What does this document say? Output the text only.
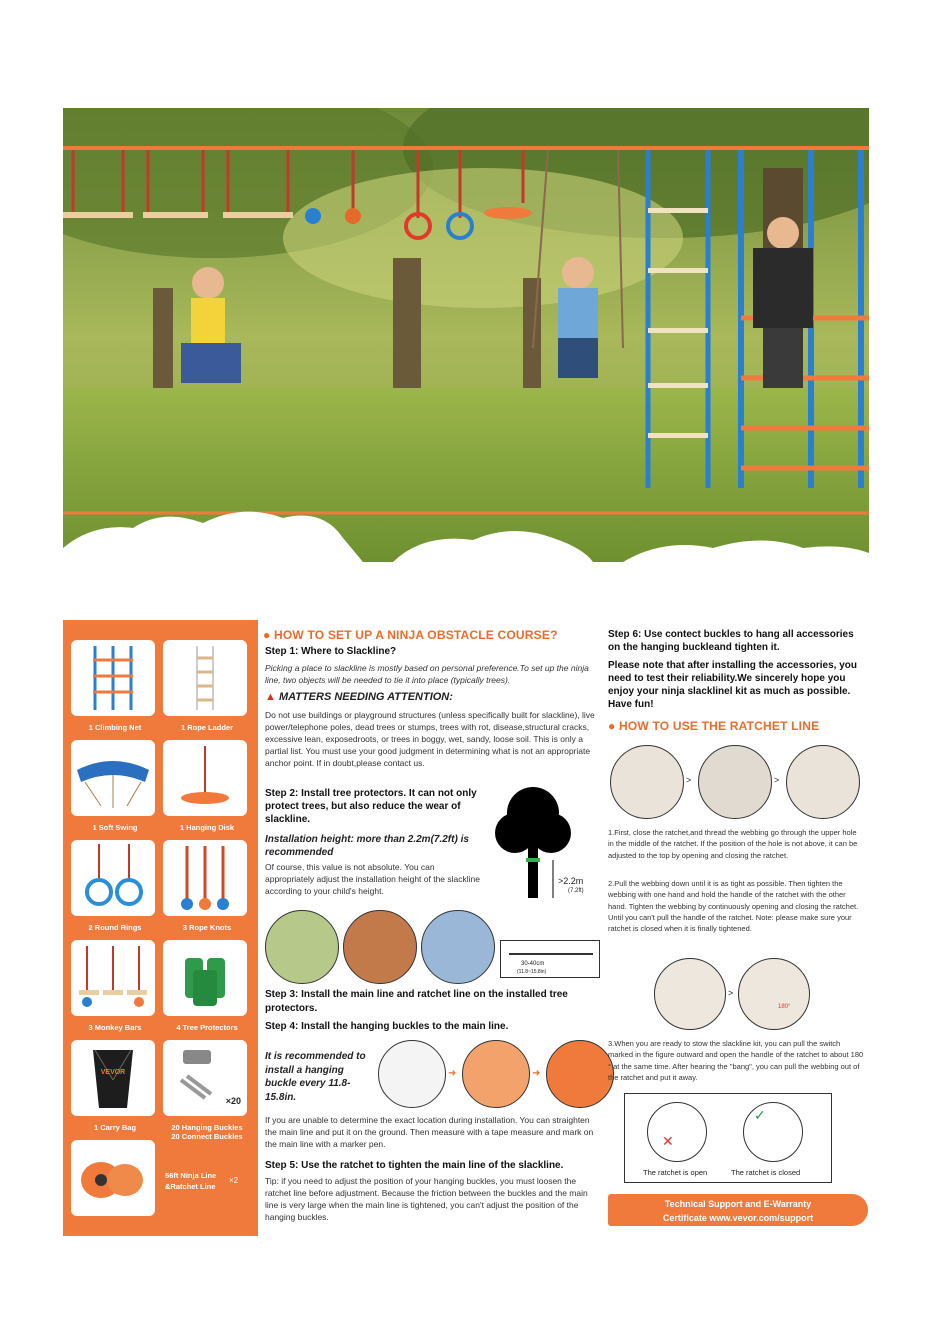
1 Climbing Net	1 Rope Ladder
1 Soft Swing	1 Hanging Disk
2 Round Rings	3 Rope Knots
3 Monkey Bars	4 Tree Protectors
VEVOR
1 Carry Bag
×20
20 Hanging Buckles
20 Connect Buckles
56ft Ninja Line
&Ratchet Line
×2
● HOW TO SET UP A NINJA OBSTACLE COURSE?
Step 1: Where to Slackline?
Picking a place to slackline is mostly based on personal preference.To set up the ninja line, two objects will be needed to tie it into place (typically trees).
▲ MATTERS NEEDING ATTENTION:
Do not use buildings or playground structures (unless specifically built for slackline), live power/telephone poles, dead trees or stumps, trees with rot, disease,structural cracks, excessive lean, exposedroots, or trees in boggy, wet, sandy, loose soil. This is only a partial list. You must use your good judgment in determining what is not an appropriate anchor point. If in doubt,please contact us.
Step 2: Install tree protectors. It can not only protect trees, but also reduce the wear of slackline.
Installation height: more than 2.2m(7.2ft) is recommended
Of course, this value is not absolute. You can appropriately adjust the installation height of the slackline according to your child's height.
>2.2m
(7.2ft)
30-40cm
(11.8~15.8in)
Step 3: Install the main line and ratchet line on the installed tree protectors.
Step 4: Install the hanging buckles to the main line.
It is recommended to install a hanging buckle every 11.8-15.8in.
➜	➜
If you are unable to determine the exact location during installation. You can straighten the main line and put it on the ground. Then measure with a tape measure and mark on the main line with a marker pen.
Step 5: Use the ratchet to tighten the main line of the slackline.
Tip: if you need to adjust the position of your hanging buckles, you must loosen the ratchet line before adjustment. Because the friction between the buckles and the main line is very large when the main line is tightened, you can't adjust the position of the hanging buckles.
Step 6: Use contect buckles to hang all accessories on the hanging buckleand tighten it.
Please note that after installing the accessories, you need to test their reliability.We sincerely hope you enjoy your ninja slacklinel kit as much as possible. Have fun!
● HOW TO USE THE RATCHET LINE
>	>
1.First, close the ratchet,and thread the webbing go through the upper hole in the middle of the ratchet. If the position of the hole is not above, it can be adjusted to the top by opening and closing the ratchet.
2.Pull the webbing down until it is as tight as possible. Then tighten the webbing with one hand and hold the handle of the ratchet with the other hand. Tighten the webbing by continuously opening and closing the ratchet. Until you can't pull the handle of the ratchet. Note: please make sure your ratchet is closed when it is finally tightened.
>
180°
3.When you are ready to stow the slackline kit, you can pull the switch marked in the figure outward and open the handle of the ratchet to about 180 ° at the same time. After hearing the "bang", you can pull the webbing out of the ratchet and put it away.
✕
✓
The ratchet is open	The ratchet is closed
Technical Support and E-Warranty
Certificate www.vevor.com/support
